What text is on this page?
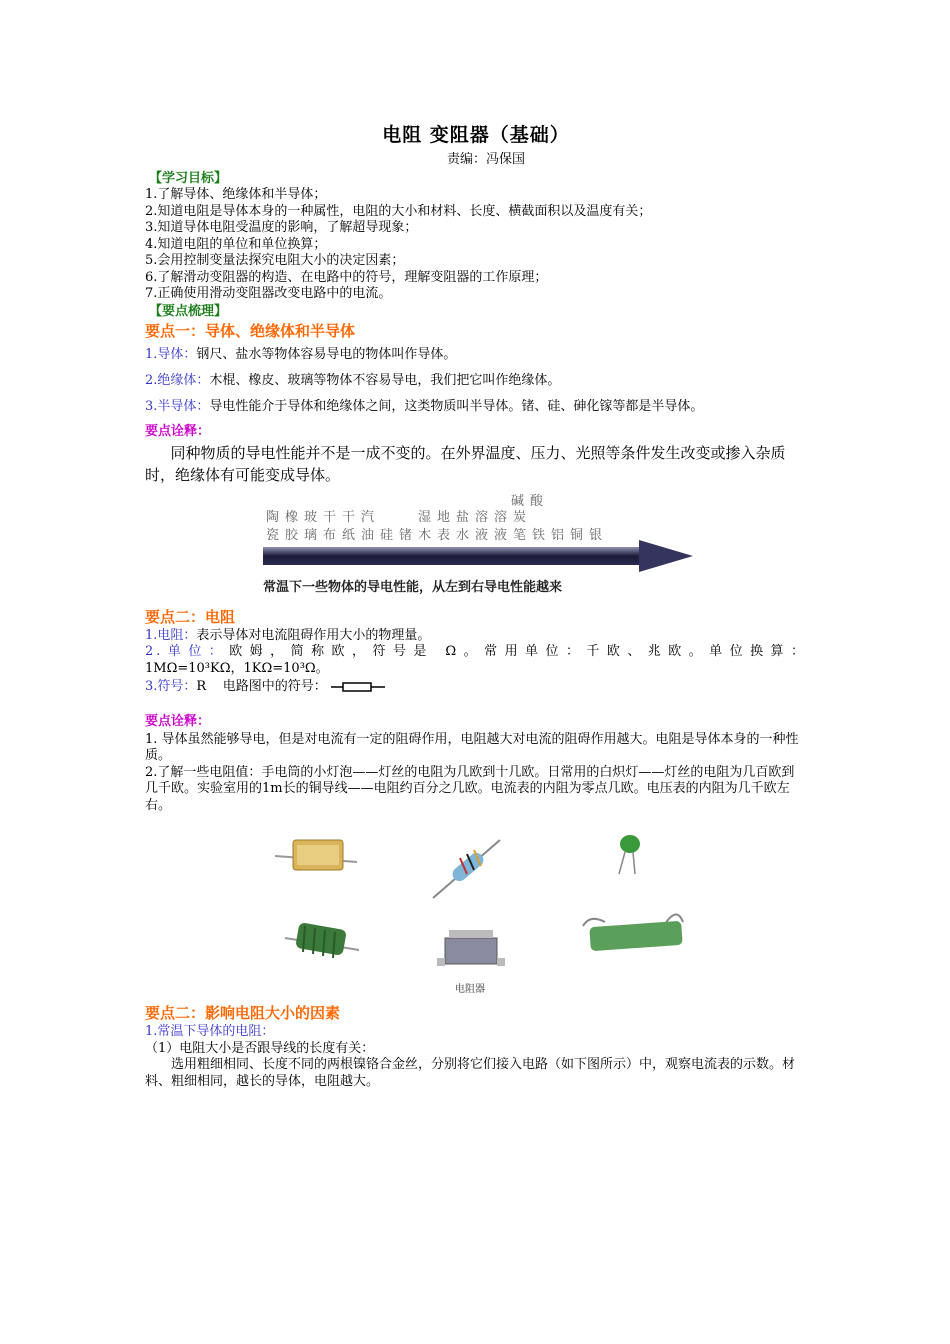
电阻 变阻器（基础）
责编：冯保国
【学习目标】
1.了解导体、绝缘体和半导体；
2.知道电阻是导体本身的一种属性，电阻的大小和材料、长度、横截面积以及温度有关；
3.知道导体电阻受温度的影响，了解超导现象；
4.知道电阻的单位和单位换算；
5.会用控制变量法探究电阻大小的决定因素；
6.了解滑动变阻器的构造、在电路中的符号，理解变阻器的工作原理；
7.正确使用滑动变阻器改变电路中的电流。
【要点梳理】
要点一：导体、绝缘体和半导体
1.导体：钢尺、盐水等物体容易导电的物体叫作导体。
2.绝缘体：木棍、橡皮、玻璃等物体不容易导电，我们把它叫作绝缘体。
3.半导体：导电性能介于导体和绝缘体之间，这类物质叫半导体。锗、硅、砷化镓等都是半导体。
要点诠释：
同种物质的导电性能并不是一成不变的。在外界温度、压力、光照等条件发生改变或掺入杂质时，绝缘体有可能变成导体。
碱 酸
陶 橡 玻 干 干 汽	湿 地 盐 溶 溶 炭
瓷 胶 璃 布 纸 油 硅 锗 木 表 水 液 液 笔 铁 铝 铜 银
常温下一些物体的导电性能，从左到右导电性能越来
要点二：电阻
1.电阻：表示导体对电流阻碍作用大小的物理量。
2.单位：欧姆，简称欧，符号是 Ω。常用单位：千欧、兆欧。单位换算：
1MΩ=10³KΩ，1KΩ=10³Ω。
3.符号：R    电路图中的符号：
要点诠释：
1. 导体虽然能够导电，但是对电流有一定的阻碍作用，电阻越大对电流的阻碍作用越大。电阻是导体本身的一种性质。
2.了解一些电阻值：手电筒的小灯泡——灯丝的电阻为几欧到十几欧。日常用的白炽灯——灯丝的电阻为几百欧到几千欧。实验室用的1m长的铜导线——电阻约百分之几欧。电流表的内阻为零点几欧。电压表的内阻为几千欧左右。
电阻器
要点二：影响电阻大小的因素
1.常温下导体的电阻：
（1）电阻大小是否跟导线的长度有关：
选用粗细相同、长度不同的两根镍铬合金丝，分别将它们接入电路（如下图所示）中，观察电流表的示数。材料、粗细相同，越长的导体，电阻越大。
